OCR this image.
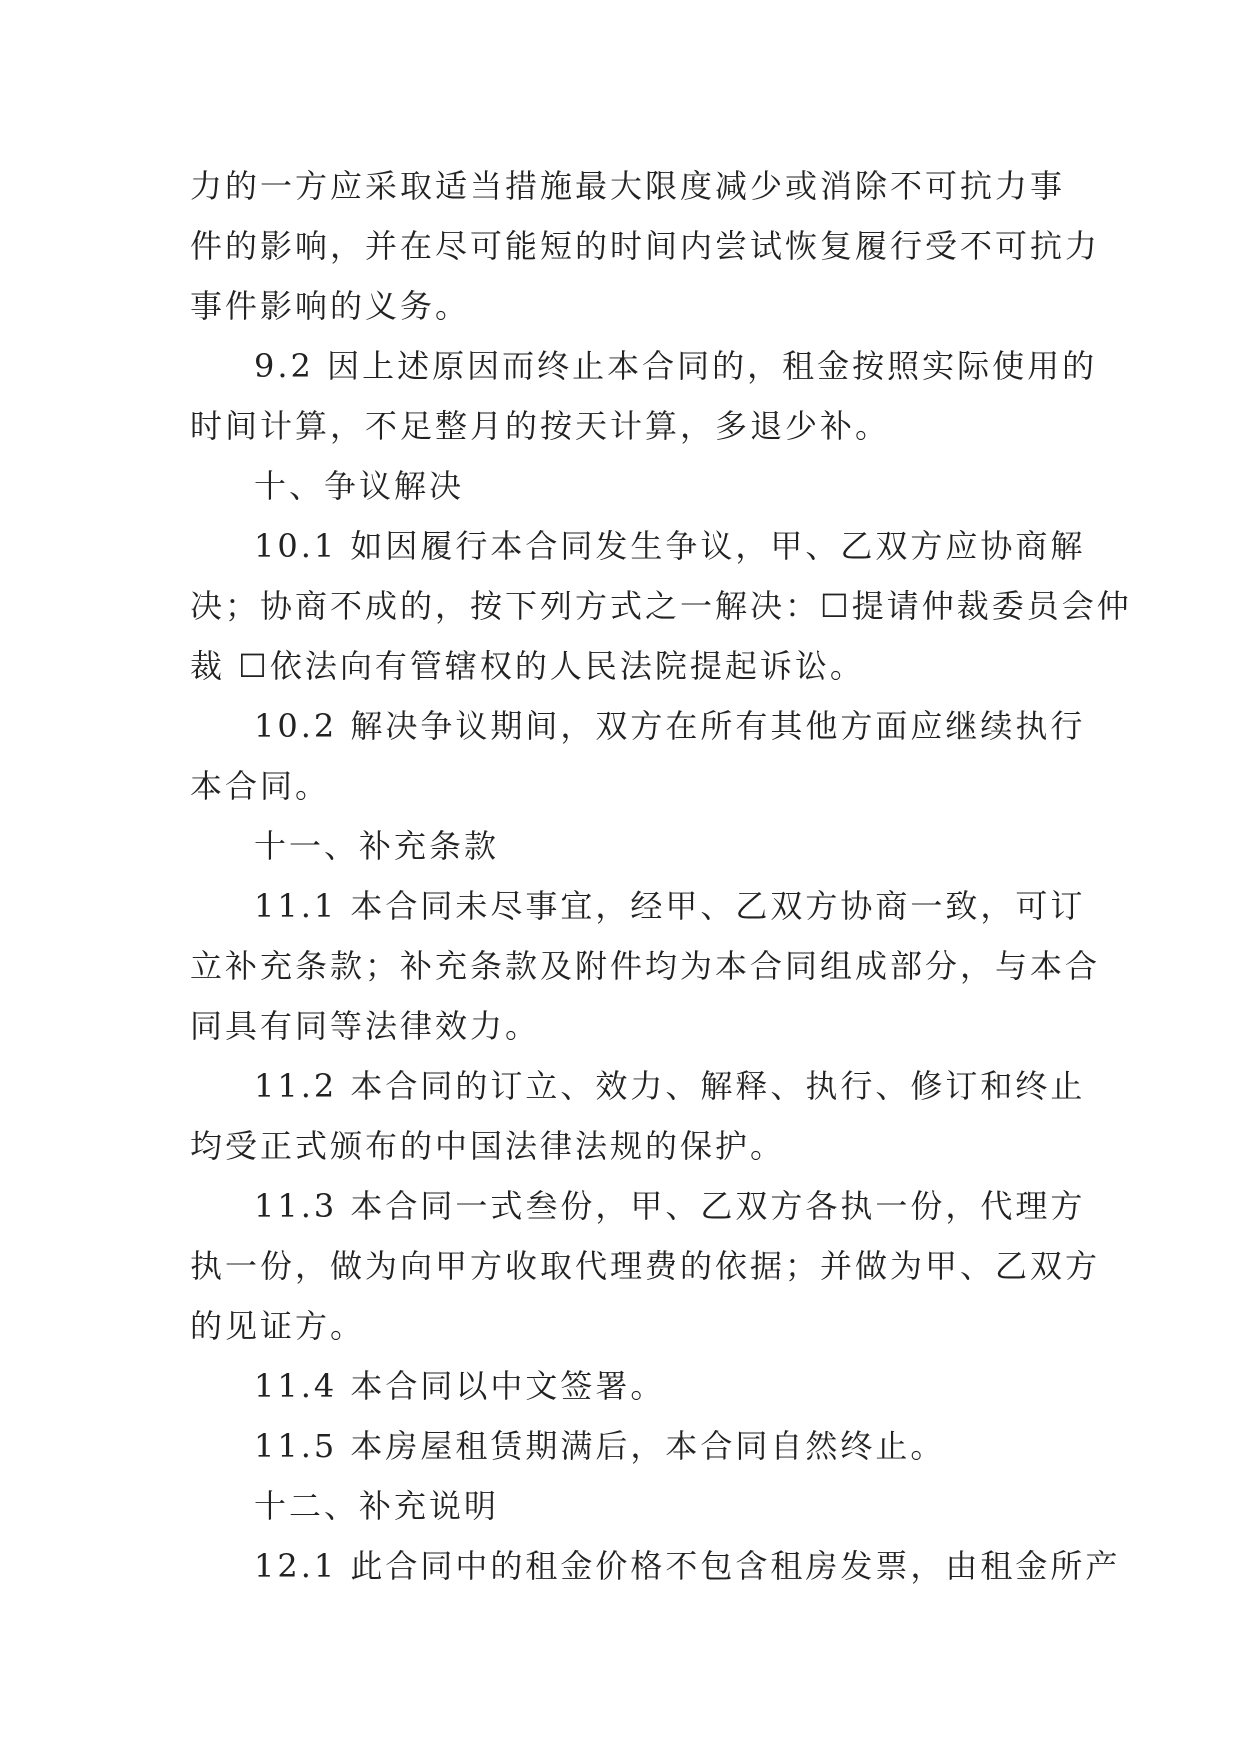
力的一方应采取适当措施最大限度减少或消除不可抗力事
件的影响，并在尽可能短的时间内尝试恢复履行受不可抗力
事件影响的义务。
9.2 因上述原因而终止本合同的，租金按照实际使用的
时间计算，不足整月的按天计算，多退少补。
十、争议解决
10.1 如因履行本合同发生争议，甲、乙双方应协商解
决；协商不成的，按下列方式之一解决：☐提请仲裁委员会仲
裁 ☐依法向有管辖权的人民法院提起诉讼。
10.2 解决争议期间，双方在所有其他方面应继续执行
本合同。
十一、补充条款
11.1 本合同未尽事宜，经甲、乙双方协商一致，可订
立补充条款；补充条款及附件均为本合同组成部分，与本合
同具有同等法律效力。
11.2 本合同的订立、效力、解释、执行、修订和终止
均受正式颁布的中国法律法规的保护。
11.3 本合同一式叁份，甲、乙双方各执一份，代理方
执一份，做为向甲方收取代理费的依据；并做为甲、乙双方
的见证方。
11.4 本合同以中文签署。
11.5 本房屋租赁期满后，本合同自然终止。
十二、补充说明
12.1 此合同中的租金价格不包含租房发票，由租金所产
